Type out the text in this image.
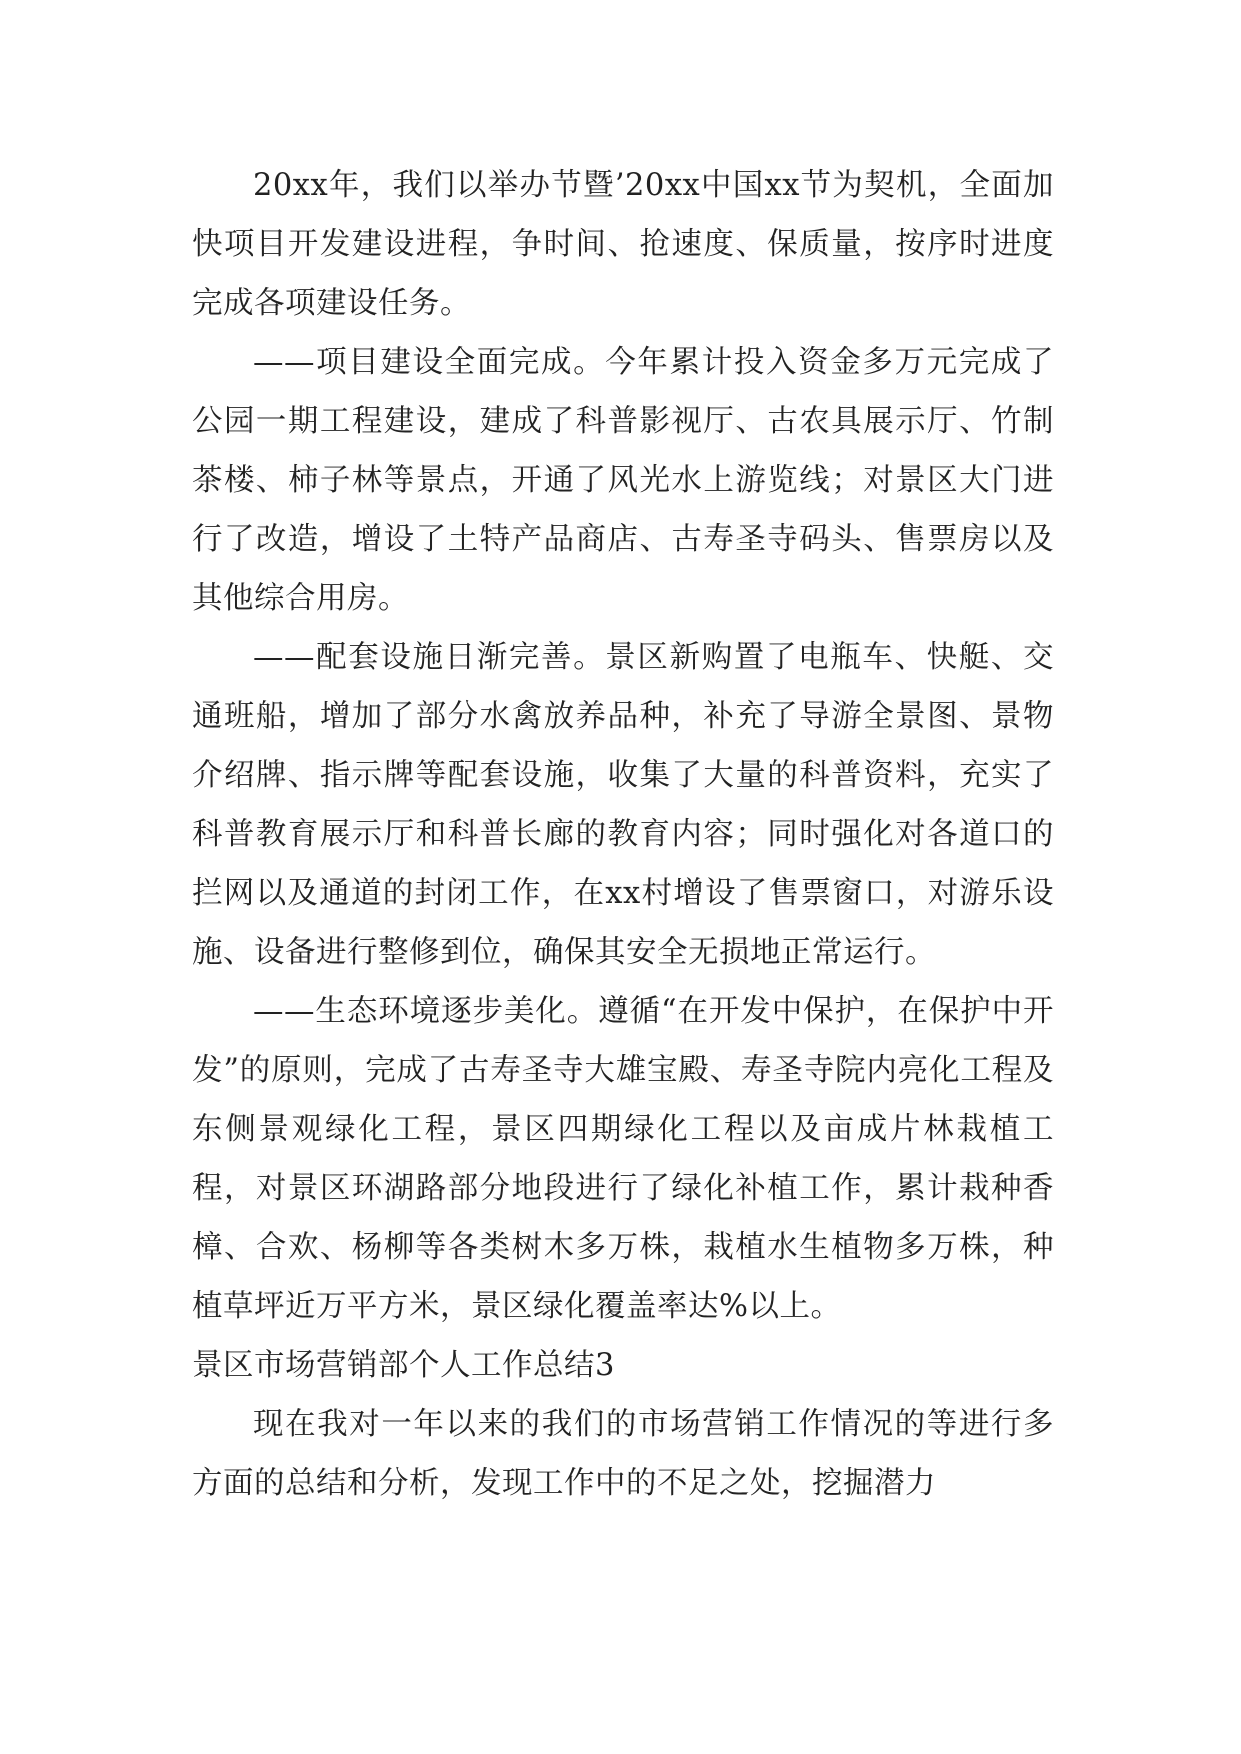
20xx年，我们以举办节暨’20xx中国xx节为契机，全面加快项目开发建设进程，争时间、抢速度、保质量，按序时进度完成各项建设任务。

——项目建设全面完成。今年累计投入资金多万元完成了公园一期工程建设，建成了科普影视厅、古农具展示厅、竹制茶楼、柿子林等景点，开通了风光水上游览线；对景区大门进行了改造，增设了土特产品商店、古寿圣寺码头、售票房以及其他综合用房。

——配套设施日渐完善。景区新购置了电瓶车、快艇、交通班船，增加了部分水禽放养品种，补充了导游全景图、景物介绍牌、指示牌等配套设施，收集了大量的科普资料，充实了科普教育展示厅和科普长廊的教育内容；同时强化对各道口的拦网以及通道的封闭工作，在xx村增设了售票窗口，对游乐设施、设备进行整修到位，确保其安全无损地正常运行。

——生态环境逐步美化。遵循“在开发中保护，在保护中开发”的原则，完成了古寿圣寺大雄宝殿、寿圣寺院内亮化工程及东侧景观绿化工程，景区四期绿化工程以及亩成片林栽植工程，对景区环湖路部分地段进行了绿化补植工作，累计栽种香樟、合欢、杨柳等各类树木多万株，栽植水生植物多万株，种植草坪近万平方米，景区绿化覆盖率达%以上。

景区市场营销部个人工作总结3

现在我对一年以来的我们的市场营销工作情况的等进行多方面的总结和分析，发现工作中的不足之处，挖掘潜力
